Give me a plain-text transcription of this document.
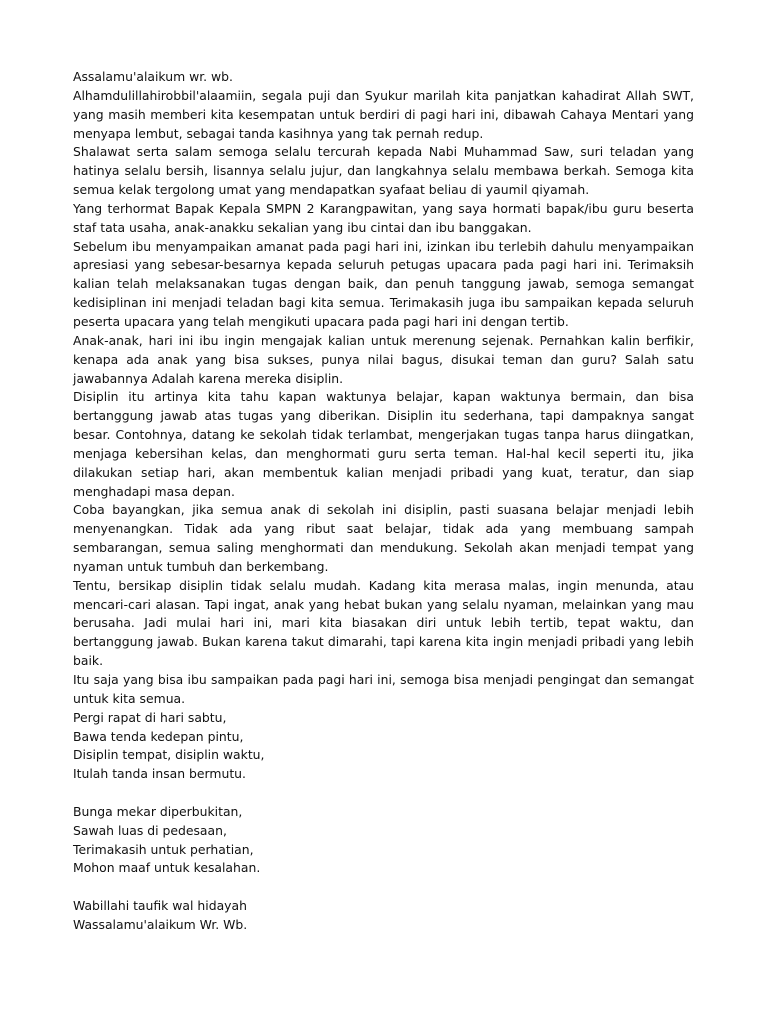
Assalamu'alaikum wr. wb.

Alhamdulillahirobbil'alaamiin, segala puji dan Syukur marilah kita panjatkan kahadirat Allah SWT, yang masih memberi kita kesempatan untuk berdiri di pagi hari ini, dibawah Cahaya Mentari yang menyapa lembut, sebagai tanda kasihnya yang tak pernah redup.

Shalawat serta salam semoga selalu tercurah kepada Nabi Muhammad Saw, suri teladan yang hatinya selalu bersih, lisannya selalu jujur, dan langkahnya selalu membawa berkah. Semoga kita semua kelak tergolong umat yang mendapatkan syafaat beliau di yaumil qiyamah.

Yang terhormat Bapak Kepala SMPN 2 Karangpawitan, yang saya hormati bapak/ibu guru beserta staf tata usaha, anak-anakku sekalian yang ibu cintai dan ibu banggakan.

Sebelum ibu menyampaikan amanat pada pagi hari ini, izinkan ibu terlebih dahulu menyampaikan apresiasi yang sebesar-besarnya kepada seluruh petugas upacara pada pagi hari ini. Terimaksih kalian telah melaksanakan tugas dengan baik, dan penuh tanggung jawab, semoga semangat kedisiplinan ini menjadi teladan bagi kita semua. Terimakasih juga ibu sampaikan kepada seluruh peserta upacara yang telah mengikuti upacara pada pagi hari ini dengan tertib.

Anak-anak, hari ini ibu ingin mengajak kalian untuk merenung sejenak. Pernahkan kalin berfikir, kenapa ada anak yang bisa sukses, punya nilai bagus, disukai teman dan guru? Salah satu jawabannya Adalah karena mereka disiplin.

Disiplin itu artinya kita tahu kapan waktunya belajar, kapan waktunya bermain, dan bisa bertanggung jawab atas tugas yang diberikan. Disiplin itu sederhana, tapi dampaknya sangat besar. Contohnya, datang ke sekolah tidak terlambat, mengerjakan tugas tanpa harus diingatkan, menjaga kebersihan kelas, dan menghormati guru serta teman. Hal-hal kecil seperti itu, jika dilakukan setiap hari, akan membentuk kalian menjadi pribadi yang kuat, teratur, dan siap menghadapi masa depan.

Coba bayangkan, jika semua anak di sekolah ini disiplin, pasti suasana belajar menjadi lebih menyenangkan. Tidak ada yang ribut saat belajar, tidak ada yang membuang sampah sembarangan, semua saling menghormati dan mendukung. Sekolah akan menjadi tempat yang nyaman untuk tumbuh dan berkembang.

Tentu, bersikap disiplin tidak selalu mudah. Kadang kita merasa malas, ingin menunda, atau mencari-cari alasan. Tapi ingat, anak yang hebat bukan yang selalu nyaman, melainkan yang mau berusaha. Jadi mulai hari ini, mari kita biasakan diri untuk lebih tertib, tepat waktu, dan bertanggung jawab. Bukan karena takut dimarahi, tapi karena kita ingin menjadi pribadi yang lebih baik.

Itu saja yang bisa ibu sampaikan pada pagi hari ini, semoga bisa menjadi pengingat dan semangat untuk kita semua.

Pergi rapat di hari sabtu,

Bawa tenda kedepan pintu,

Disiplin tempat, disiplin waktu,

Itulah tanda insan bermutu.

Bunga mekar diperbukitan,

Sawah luas di pedesaan,

Terimakasih untuk perhatian,

Mohon maaf untuk kesalahan.

Wabillahi taufik wal hidayah

Wassalamu'alaikum Wr. Wb.
